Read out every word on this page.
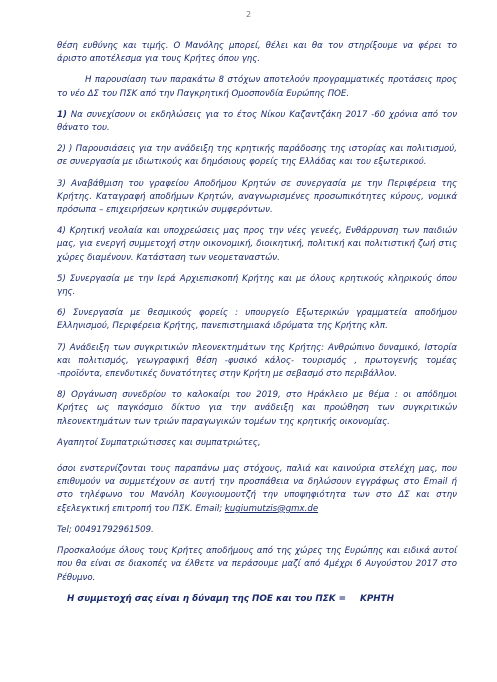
2

θέση ευθύνης και τιμής. Ο Μανόλης μπορεί, θέλει και θα τον στηρίξουμε να φέρει το άριστο αποτέλεσμα για τους Κρήτες όπου γης.

Η παρουσίαση των παρακάτω 8 στόχων αποτελούν προγραμματικές προτάσεις προς το νέο ΔΣ του ΠΣΚ από την Παγκρητική Ομοσπονδία Ευρώπης ΠΟΕ.

1) Να συνεχίσουν οι εκδηλώσεις για το έτος Νίκου Καζαντζάκη 2017 -60 χρόνια από τον θάνατο του.

2) ) Παρουσιάσεις για την ανάδειξη της κρητικής παράδοσης της ιστορίας και πολιτισμού, σε συνεργασία με ιδιωτικούς και δημόσιους φορείς της Ελλάδας και του εξωτερικού.

3) Αναβάθμιση του γραφείου Αποδήμου Κρητών σε συνεργασία με την Περιφέρεια της Κρήτης. Καταγραφή αποδήμων Κρητών, αναγνωρισμένες προσωπικότητες κύρους, νομικά πρόσωπα – επιχειρήσεων κρητικών συμφερόντων.

4) Κρητική νεολαία και υποχρεώσεις μας προς την νέες γενεές, Ενθάρρυνση των παιδιών μας, για ενεργή συμμετοχή στην οικονομική, διοικητική, πολιτική και πολιτιστική ζωή στις χώρες διαμένουν. Κατάσταση των νεομεταναστών.

5) Συνεργασία με την Ιερά Αρχιεπισκοπή Κρήτης και με όλους κρητικούς κληρικούς όπου γης.

6) Συνεργασία με θεσμικούς φορείς : υπουργείο Εξωτερικών γραμματεία αποδήμου Ελληνισμού, Περιφέρεια Κρήτης, πανεπιστημιακά ιδρύματα της Κρήτης κλπ.

7) Ανάδειξη των συγκριτικών πλεονεκτημάτων της Κρήτης: Ανθρώπινο δυναμικό, Ιστορία και πολιτισμός, γεωγραφική θέση -φυσικό κάλος- τουρισμός , πρωτογενής τομέας -προϊόντα, επενδυτικές δυνατότητες στην Κρήτη με σεβασμό στο περιβάλλον.

8) Οργάνωση συνεδρίου το καλοκαίρι του 2019, στο Ηράκλειο με θέμα : οι απόδημοι Κρήτες ως παγκόσμιο δίκτυο για την ανάδειξη και προώθηση των συγκριτικών πλεονεκτημάτων των τριών παραγωγικών τομέων της κρητικής οικονομίας.

Αγαπητοί Συμπατριώτισσες και συμπατριώτες,

όσοι ενστερνίζονται τους παραπάνω μας στόχους, παλιά και καινούρια στελέχη μας, που επιθυμούν να συμμετέχουν σε αυτή την προσπάθεια να δηλώσουν εγγράφως στο Email ή στο τηλέφωνο του Μανόλη Κουγιουμουτζή την υποψηφιότητα των στο ΔΣ και στην εξελεγκτική επιτροπή του ΠΣΚ. Email; kugiumutzis@gmx.de

Tel; 00491792961509.

Προσκαλούμε όλους τους Κρήτες αποδήμους από της χώρες της Ευρώπης και ειδικά αυτοί που θα είναι σε διακοπές να έλθετε να περάσουμε μαζί από 4μέχρι 6 Αυγούστου 2017 στο Ρέθυμνο.

Η συμμετοχή σας είναι η δύναμη της ΠΟΕ και του ΠΣΚ = ΚΡΗΤΗ
